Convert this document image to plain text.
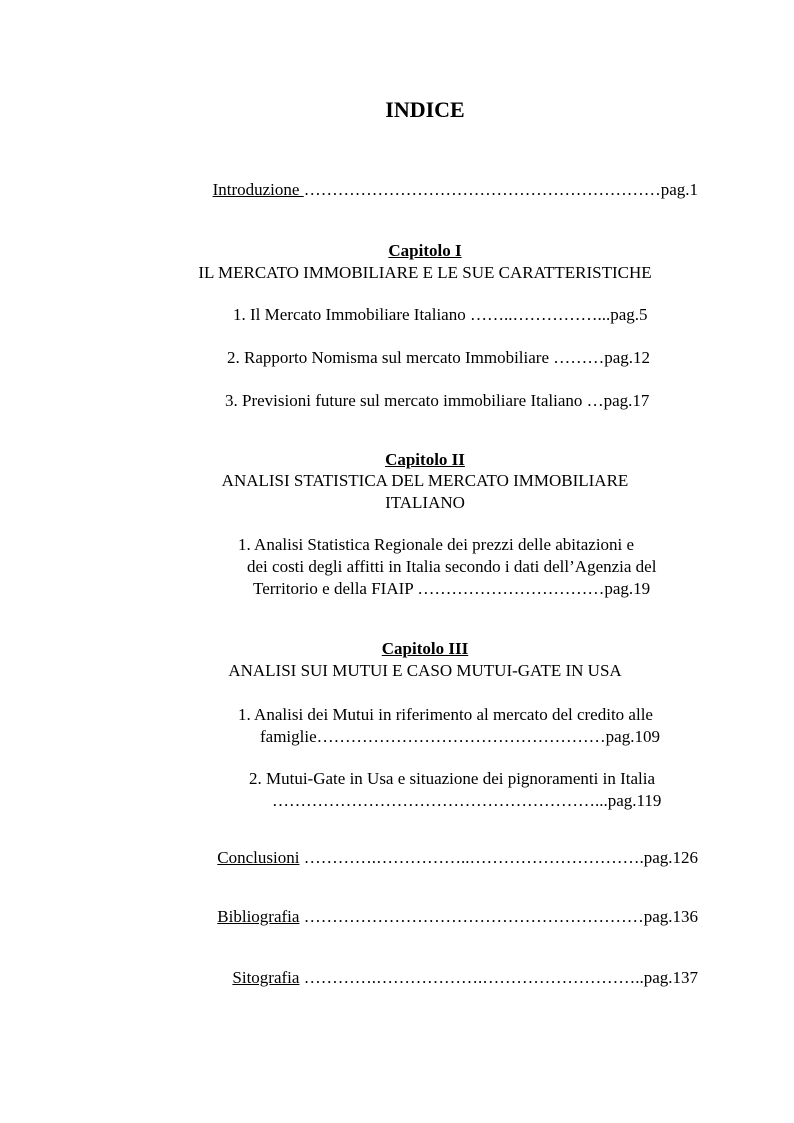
INDICE
Introduzione ………………………………………………………pag.1
Capitolo I
IL MERCATO IMMOBILIARE E LE SUE CARATTERISTICHE
1. Il Mercato Immobiliare Italiano ……..……………...pag.5
2. Rapporto Nomisma sul mercato Immobiliare ………pag.12
3. Previsioni future sul mercato immobiliare Italiano …pag.17
Capitolo II
ANALISI STATISTICA DEL MERCATO IMMOBILIARE
ITALIANO
1. Analisi Statistica Regionale dei prezzi delle abitazioni e
dei costi degli affitti in Italia secondo i dati dell’Agenzia del
Territorio e della FIAIP ……………………………pag.19
Capitolo III
ANALISI SUI MUTUI E CASO MUTUI-GATE IN USA
1. Analisi dei Mutui in riferimento al mercato del credito alle
famiglie……………………………………………pag.109
2. Mutui-Gate in Usa e situazione dei pignoramenti in Italia
…………………………………………………...pag.119
Conclusioni ………….……………..………………………….pag.126
Bibliografia ……………………………………………………pag.136
Sitografia ………….……………….………………………..pag.137
